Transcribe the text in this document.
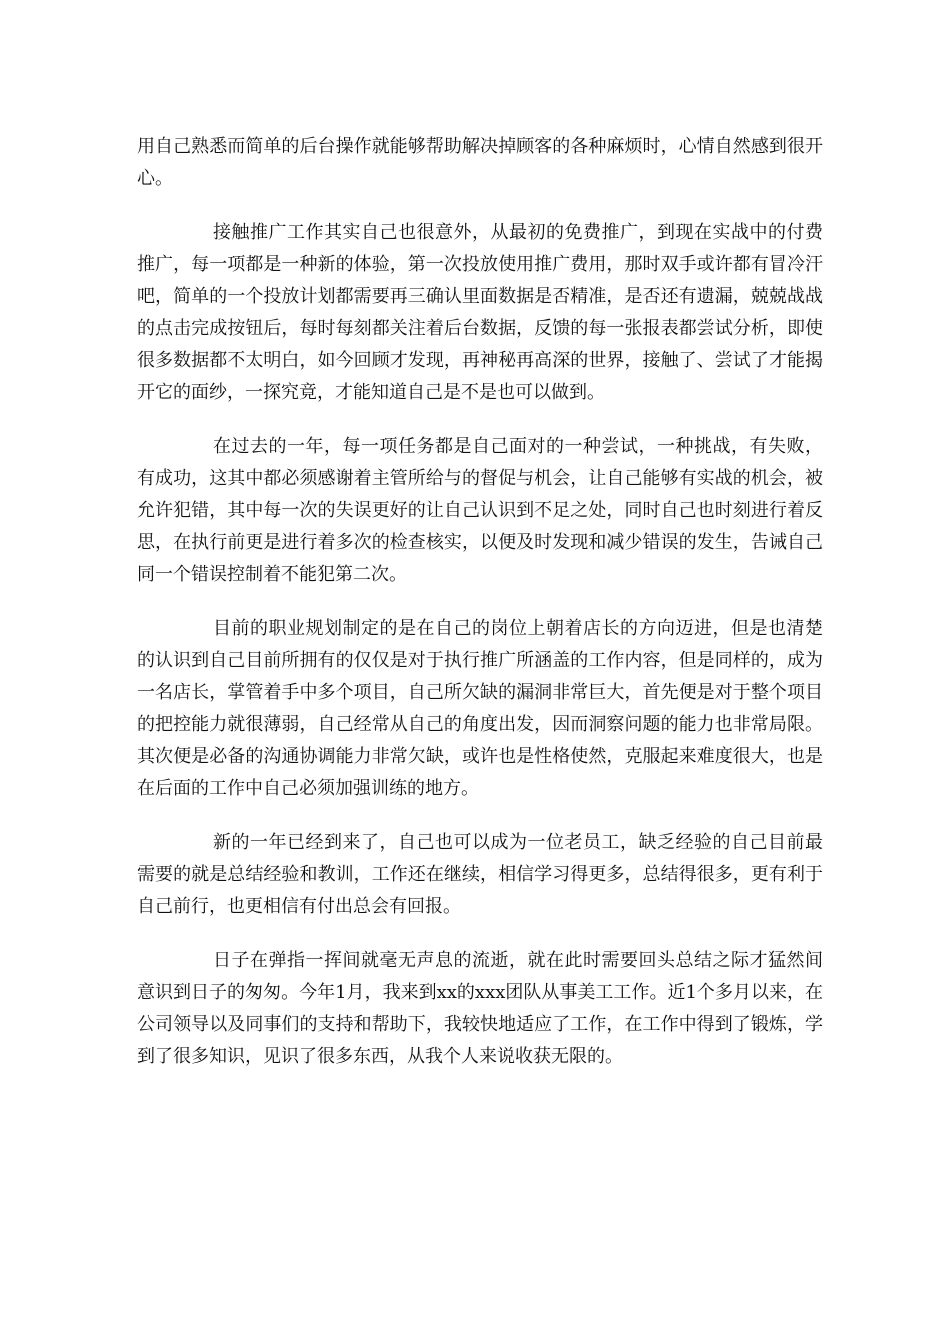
用自己熟悉而简单的后台操作就能够帮助解决掉顾客的各种麻烦时，心情自然感到很开心。

接触推广工作其实自己也很意外，从最初的免费推广，到现在实战中的付费推广，每一项都是一种新的体验，第一次投放使用推广费用，那时双手或许都有冒冷汗吧，简单的一个投放计划都需要再三确认里面数据是否精准，是否还有遗漏，兢兢战战的点击完成按钮后，每时每刻都关注着后台数据，反馈的每一张报表都尝试分析，即使很多数据都不太明白，如今回顾才发现，再神秘再高深的世界，接触了、尝试了才能揭开它的面纱，一探究竟，才能知道自己是不是也可以做到。

在过去的一年，每一项任务都是自己面对的一种尝试，一种挑战，有失败，有成功，这其中都必须感谢着主管所给与的督促与机会，让自己能够有实战的机会，被允许犯错，其中每一次的失误更好的让自己认识到不足之处，同时自己也时刻进行着反思，在执行前更是进行着多次的检查核实，以便及时发现和减少错误的发生，告诫自己同一个错误控制着不能犯第二次。

目前的职业规划制定的是在自己的岗位上朝着店长的方向迈进，但是也清楚的认识到自己目前所拥有的仅仅是对于执行推广所涵盖的工作内容，但是同样的，成为一名店长，掌管着手中多个项目，自己所欠缺的漏洞非常巨大，首先便是对于整个项目的把控能力就很薄弱，自己经常从自己的角度出发，因而洞察问题的能力也非常局限。其次便是必备的沟通协调能力非常欠缺，或许也是性格使然，克服起来难度很大，也是在后面的工作中自己必须加强训练的地方。

新的一年已经到来了，自己也可以成为一位老员工，缺乏经验的自己目前最需要的就是总结经验和教训，工作还在继续，相信学习得更多，总结得很多，更有利于自己前行，也更相信有付出总会有回报。

日子在弹指一挥间就毫无声息的流逝，就在此时需要回头总结之际才猛然间意识到日子的匆匆。今年1月，我来到xx的xxx团队从事美工工作。近1个多月以来，在公司领导以及同事们的支持和帮助下，我较快地适应了工作，在工作中得到了锻炼，学到了很多知识，见识了很多东西，从我个人来说收获无限的。
